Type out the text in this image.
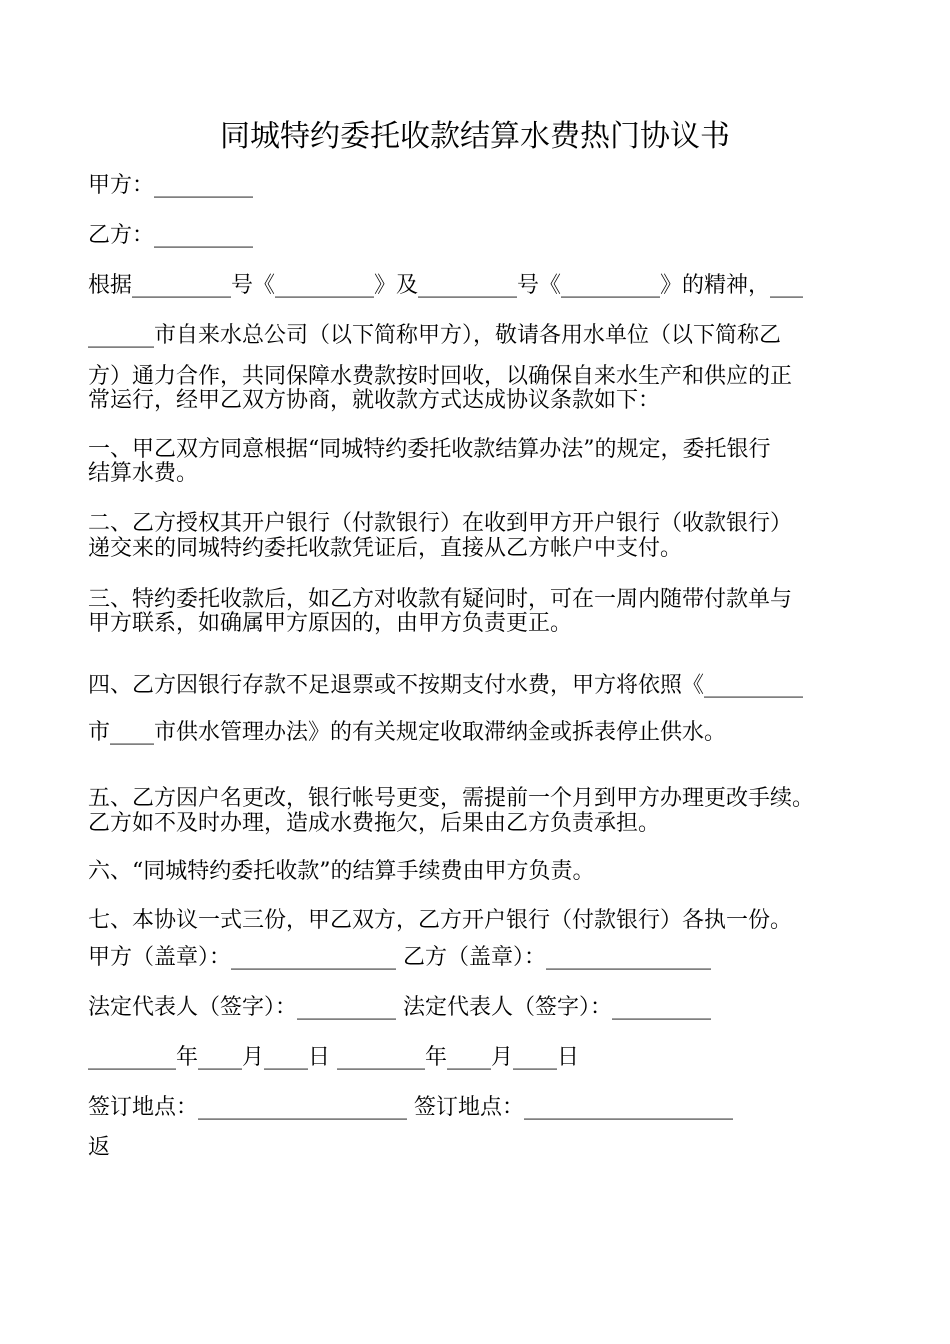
同城特约委托收款结算水费热门协议书
甲方：_________
乙方：_________
根据_________号《_________》及_________号《_________》的精神，___
______市自来水总公司（以下简称甲方），敬请各用水单位（以下简称乙
方）通力合作，共同保障水费款按时回收，以确保自来水生产和供应的正
常运行，经甲乙双方协商，就收款方式达成协议条款如下：
一、甲乙双方同意根据“同城特约委托收款结算办法”的规定，委托银行
结算水费。
二、乙方授权其开户银行（付款银行）在收到甲方开户银行（收款银行）
递交来的同城特约委托收款凭证后，直接从乙方帐户中支付。
三、特约委托收款后，如乙方对收款有疑问时，可在一周内随带付款单与
甲方联系，如确属甲方原因的，由甲方负责更正。
四、乙方因银行存款不足退票或不按期支付水费，甲方将依照《_________
市____市供水管理办法》的有关规定收取滞纳金或拆表停止供水。
五、乙方因户名更改，银行帐号更变，需提前一个月到甲方办理更改手续。
乙方如不及时办理，造成水费拖欠，后果由乙方负责承担。
六、“同城特约委托收款”的结算手续费由甲方负责。
七、本协议一式三份，甲乙双方，乙方开户银行（付款银行）各执一份。
甲方（盖章）：_______________ 乙方（盖章）：_______________
法定代表人（签字）：_________ 法定代表人（签字）：_________
________年____月____日 ________年____月____日
签订地点：___________________ 签订地点：___________________
返
